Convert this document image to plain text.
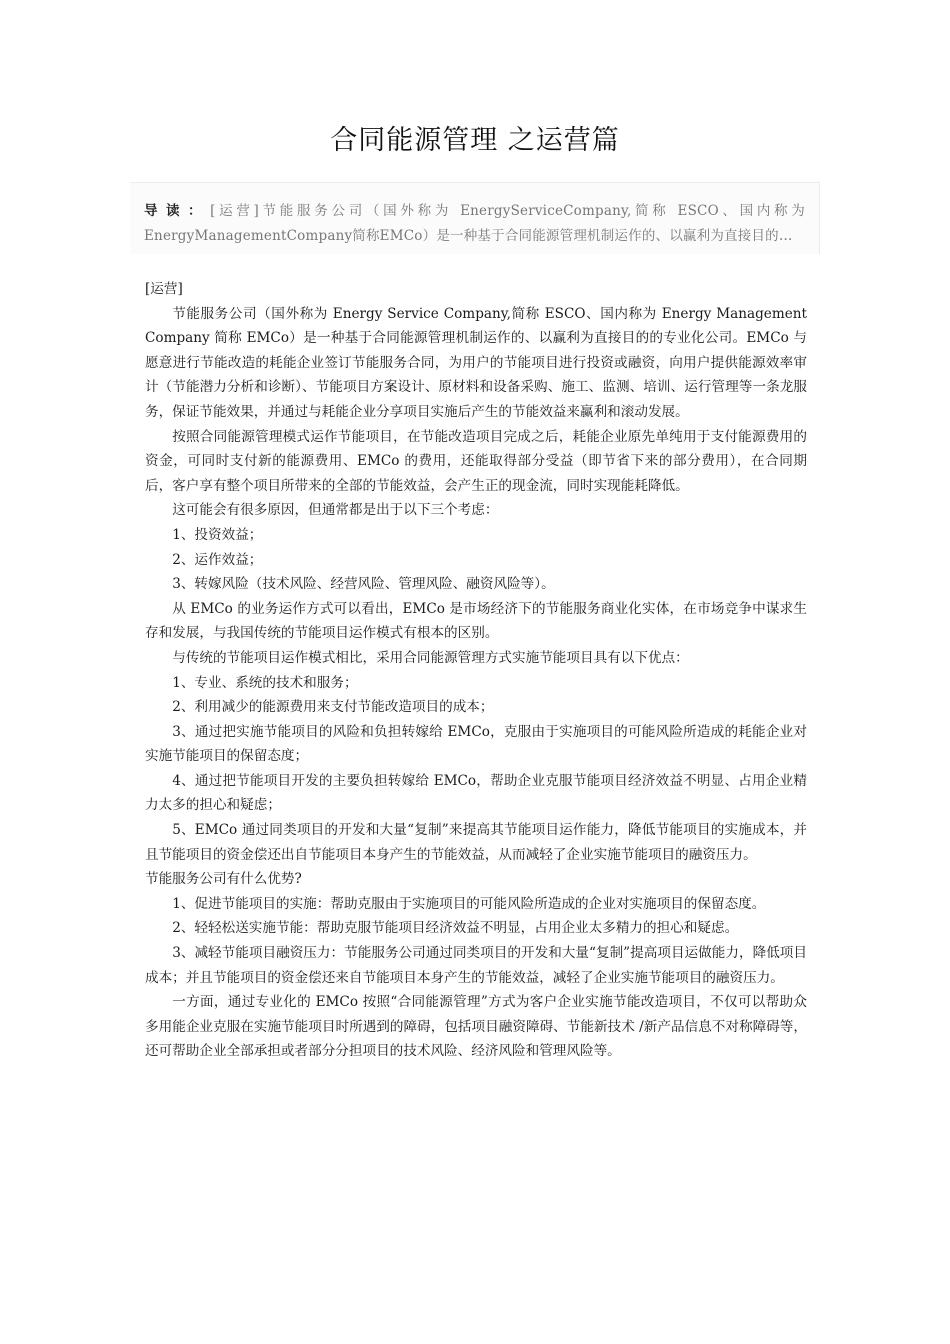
合同能源管理 之运营篇
导读：[运营]节能服务公司（国外称为 EnergyServiceCompany,简称 ESCO、国内称为EnergyManagementCompany简称EMCo）是一种基于合同能源管理机制运作的、以赢利为直接目的…

[运营]

节能服务公司（国外称为 Energy Service Company,简称 ESCO、国内称为 Energy Management Company 简称 EMCo）是一种基于合同能源管理机制运作的、以赢利为直接目的的专业化公司。EMCo 与愿意进行节能改造的耗能企业签订节能服务合同，为用户的节能项目进行投资或融资，向用户提供能源效率审计（节能潜力分析和诊断）、节能项目方案设计、原材料和设备采购、施工、监测、培训、运行管理等一条龙服务，保证节能效果，并通过与耗能企业分享项目实施后产生的节能效益来赢利和滚动发展。

按照合同能源管理模式运作节能项目，在节能改造项目完成之后，耗能企业原先单纯用于支付能源费用的资金，可同时支付新的能源费用、EMCo 的费用，还能取得部分受益（即节省下来的部分费用），在合同期后，客户享有整个项目所带来的全部的节能效益，会产生正的现金流，同时实现能耗降低。

这可能会有很多原因，但通常都是出于以下三个考虑：

1、投资效益；

2、运作效益；

3、转嫁风险（技术风险、经营风险、管理风险、融资风险等）。

从 EMCo 的业务运作方式可以看出，EMCo 是市场经济下的节能服务商业化实体，在市场竞争中谋求生存和发展，与我国传统的节能项目运作模式有根本的区别。

与传统的节能项目运作模式相比，采用合同能源管理方式实施节能项目具有以下优点：

1、专业、系统的技术和服务；

2、利用减少的能源费用来支付节能改造项目的成本；

3、通过把实施节能项目的风险和负担转嫁给 EMCo，克服由于实施项目的可能风险所造成的耗能企业对实施节能项目的保留态度；

4、通过把节能项目开发的主要负担转嫁给 EMCo，帮助企业克服节能项目经济效益不明显、占用企业精力太多的担心和疑虑；

5、EMCo 通过同类项目的开发和大量“复制”来提高其节能项目运作能力，降低节能项目的实施成本，并且节能项目的资金偿还出自节能项目本身产生的节能效益，从而减轻了企业实施节能项目的融资压力。

节能服务公司有什么优势?

1、促进节能项目的实施：帮助克服由于实施项目的可能风险所造成的企业对实施项目的保留态度。

2、轻轻松送实施节能：帮助克服节能项目经济效益不明显，占用企业太多精力的担心和疑虑。

3、减轻节能项目融资压力：节能服务公司通过同类项目的开发和大量“复制”提高项目运做能力，降低项目成本；并且节能项目的资金偿还来自节能项目本身产生的节能效益，减轻了企业实施节能项目的融资压力。

一方面，通过专业化的 EMCo 按照“合同能源管理”方式为客户企业实施节能改造项目，不仅可以帮助众多用能企业克服在实施节能项目时所遇到的障碍，包括项目融资障碍、节能新技术 /新产品信息不对称障碍等，还可帮助企业全部承担或者部分分担项目的技术风险、经济风险和管理风险等。
